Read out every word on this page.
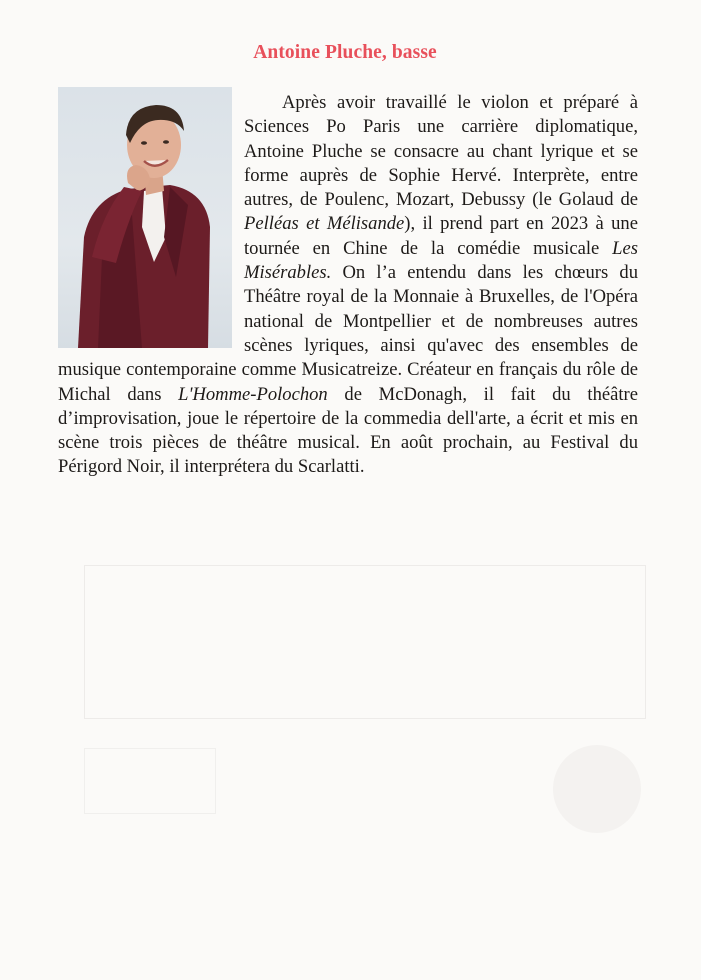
Antoine Pluche, basse

Après avoir travaillé le violon et préparé à Sciences Po Paris une carrière diplomatique, Antoine Pluche se consacre au chant lyrique et se forme auprès de Sophie Hervé. Interprète, entre autres, de Poulenc, Mozart, Debussy (le Golaud de Pelléas et Mélisande), il prend part en 2023 à une tournée en Chine de la comédie musicale Les Misérables. On l’a entendu dans les chœurs du Théâtre royal de la Monnaie à Bruxelles, de l'Opéra national de Montpellier et de nombreuses autres scènes lyriques, ainsi qu'avec des ensembles de musique contemporaine comme Musicatreize. Créateur en français du rôle de Michal dans L'Homme-Polochon de McDonagh, il fait du théâtre d’improvisation, joue le répertoire de la commedia dell'arte, a écrit et mis en scène trois pièces de théâtre musical. En août prochain, au Festival du Périgord Noir, il interprétera du Scarlatti.
